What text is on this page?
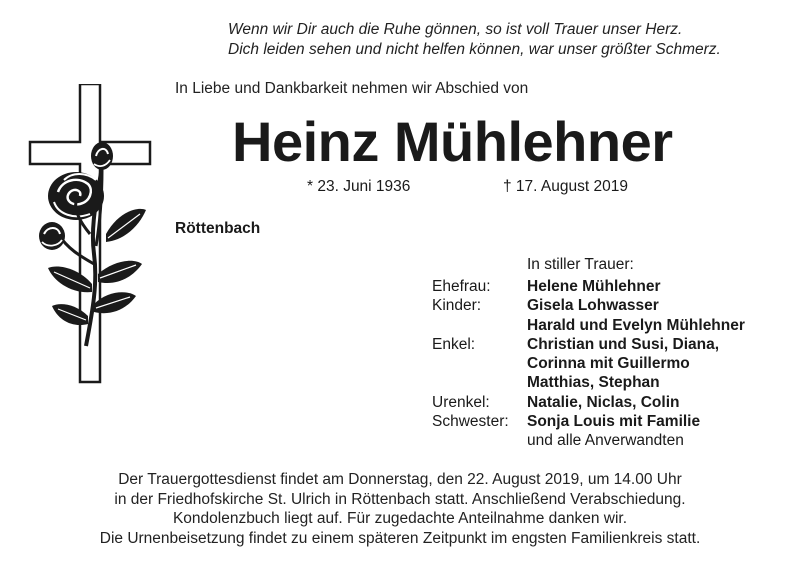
Wenn wir Dir auch die Ruhe gönnen, so ist voll Trauer unser Herz.
Dich leiden sehen und nicht helfen können, war unser größter Schmerz.
In Liebe und Dankbarkeit nehmen wir Abschied von
Heinz Mühlehner
* 23. Juni 1936	† 17. August 2019
Röttenbach
In stiller Trauer:
Ehefrau:	Helene Mühlehner
Kinder:	Gisela Lohwasser
Harald und Evelyn Mühlehner
Enkel:	Christian und Susi, Diana,
Corinna mit Guillermo
Matthias, Stephan
Urenkel:	Natalie, Niclas, Colin
Schwester:	Sonja Louis mit Familie
und alle Anverwandten
Der Trauergottesdienst findet am Donnerstag, den 22. August 2019, um 14.00 Uhr
in der Friedhofskirche St. Ulrich in Röttenbach statt. Anschließend Verabschiedung.
Kondolenzbuch liegt auf. Für zugedachte Anteilnahme danken wir.
Die Urnenbeisetzung findet zu einem späteren Zeitpunkt im engsten Familienkreis statt.
